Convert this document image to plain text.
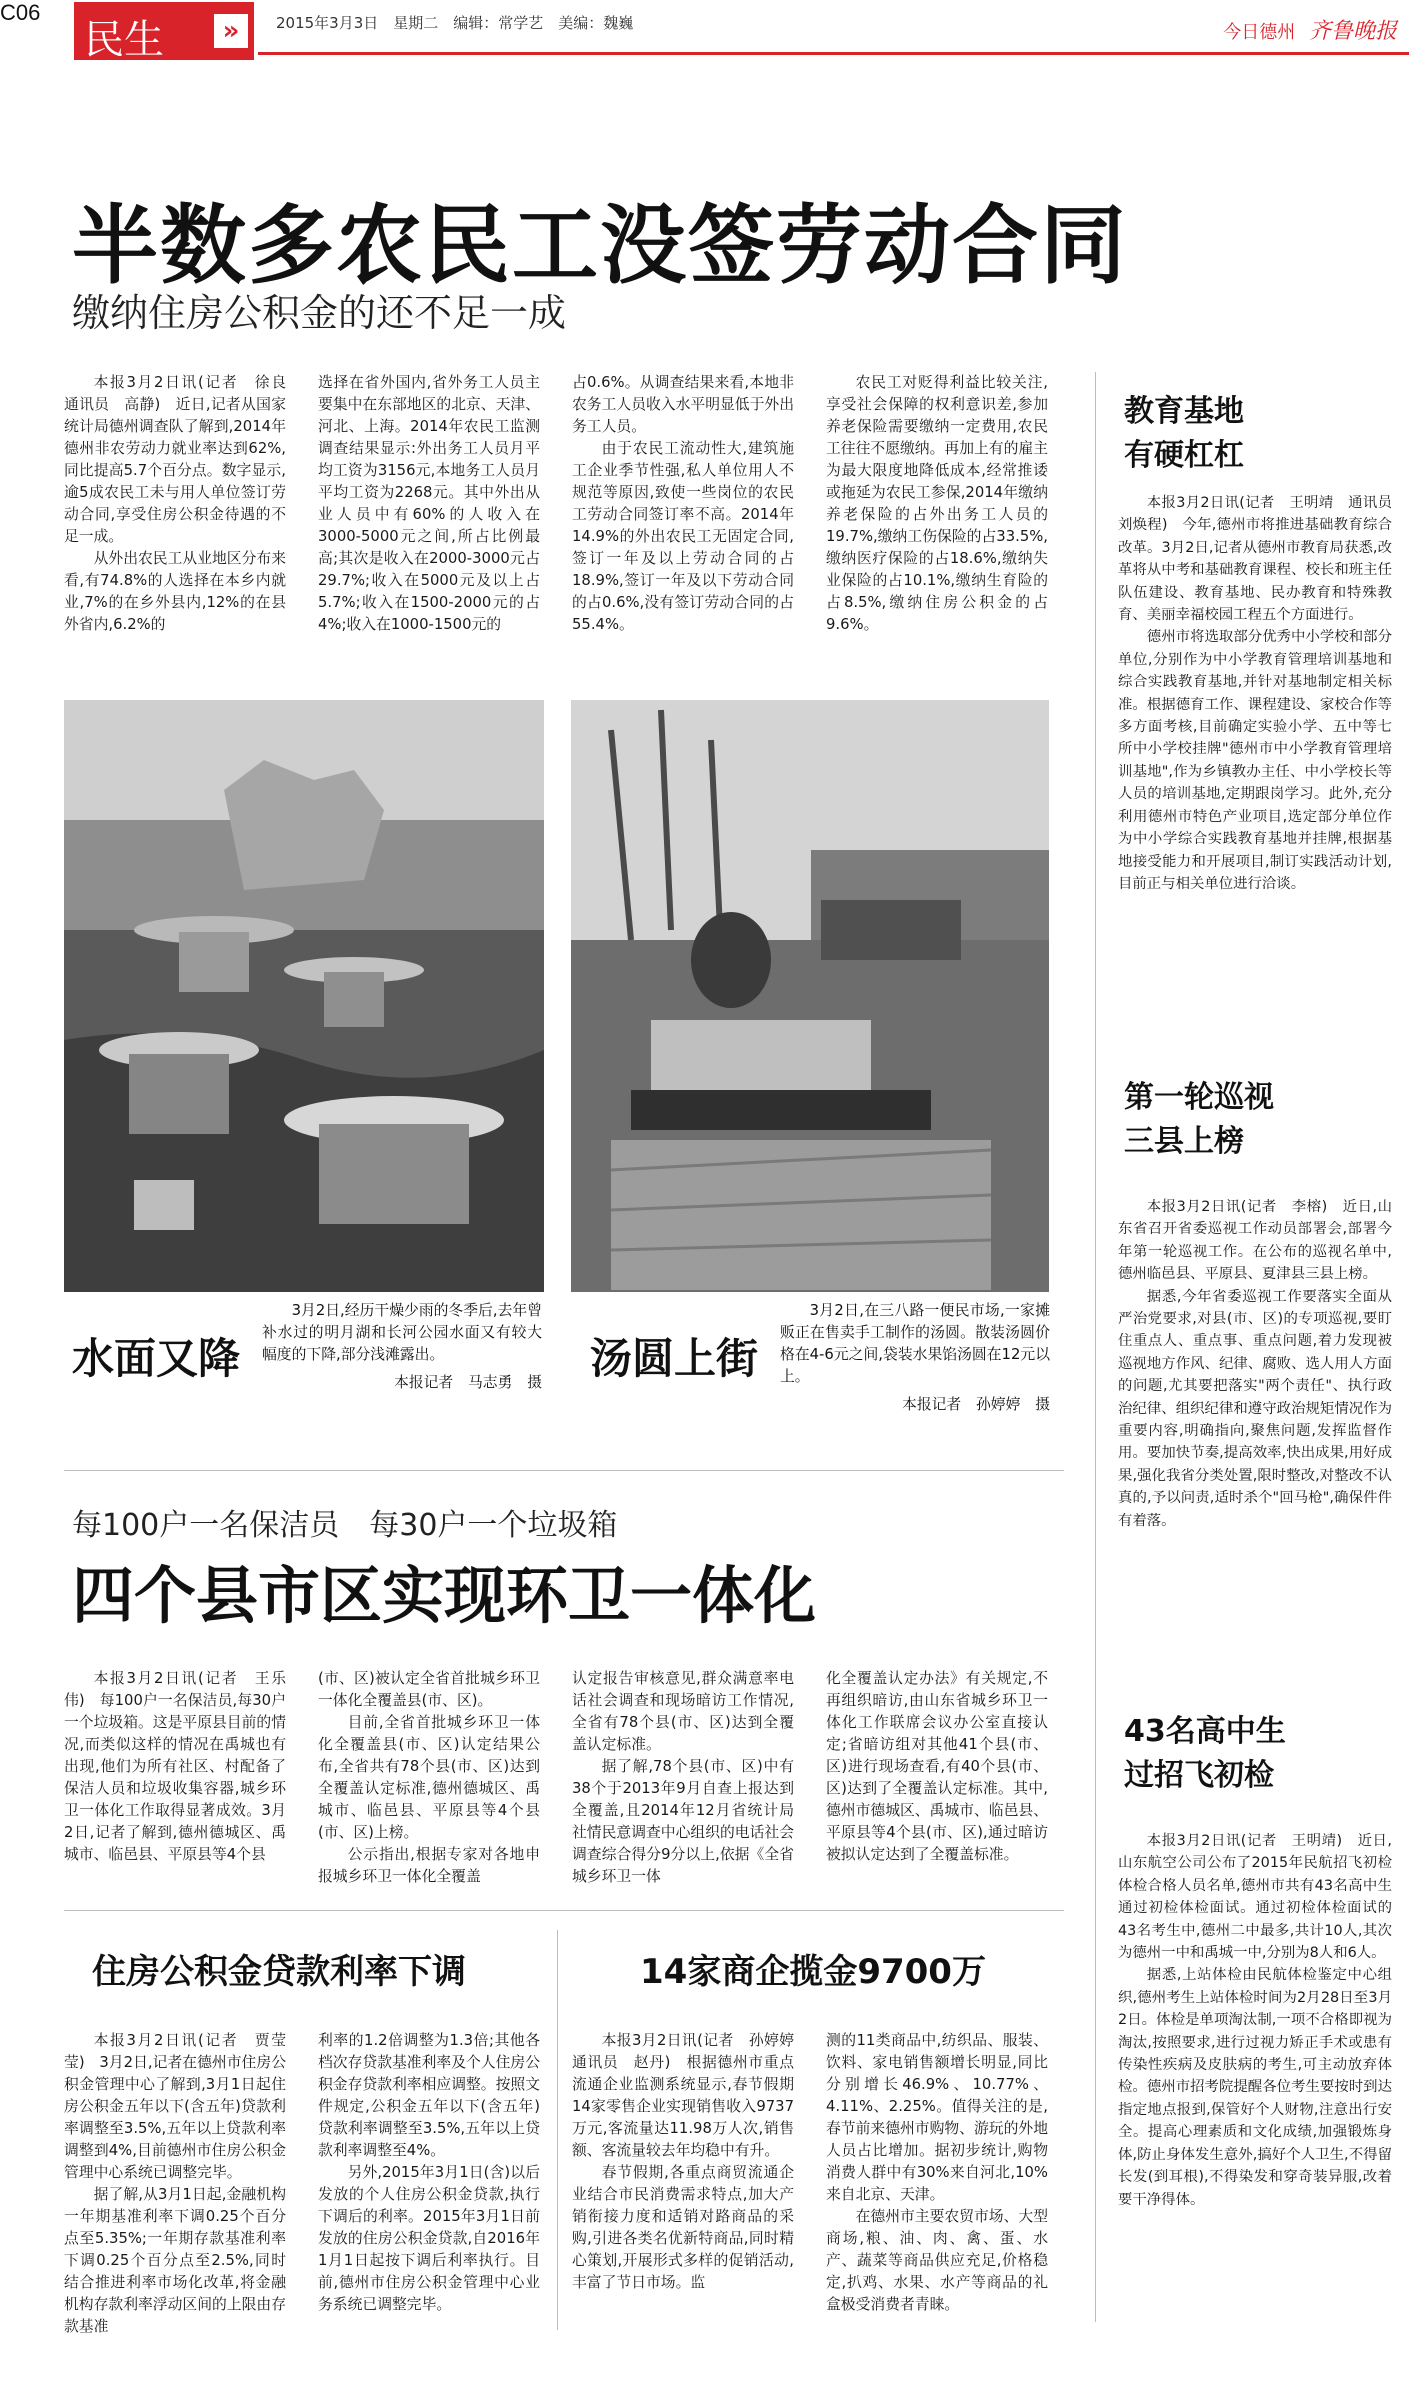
C06
民生	»	2015年3月3日　星期二　编辑：常学艺　美编：魏巍	今日德州 齐鲁晚报
半数多农民工没签劳动合同
缴纳住房公积金的还不足一成

本报3月2日讯(记者　徐良　通讯员　高静)　近日,记者从国家统计局德州调查队了解到,2014年德州非农劳动力就业率达到62%,同比提高5.7个百分点。数字显示,逾5成农民工未与用人单位签订劳动合同,享受住房公积金待遇的不足一成。

从外出农民工从业地区分布来看,有74.8%的人选择在本乡内就业,7%的在乡外县内,12%的在县外省内,6.2%的

选择在省外国内,省外务工人员主要集中在东部地区的北京、天津、河北、上海。2014年农民工监测调查结果显示:外出务工人员月平均工资为3156元,本地务工人员月平均工资为2268元。其中外出从业人员中有60%的人收入在3000-5000元之间,所占比例最高;其次是收入在2000-3000元占29.7%;收入在5000元及以上占5.7%;收入在1500-2000元的占4%;收入在1000-1500元的

占0.6%。从调查结果来看,本地非农务工人员收入水平明显低于外出务工人员。

由于农民工流动性大,建筑施工企业季节性强,私人单位用人不规范等原因,致使一些岗位的农民工劳动合同签订率不高。2014年14.9%的外出农民工无固定合同,签订一年及以上劳动合同的占18.9%,签订一年及以下劳动合同的占0.6%,没有签订劳动合同的占55.4%。

农民工对贬得利益比较关注,享受社会保障的权利意识差,参加养老保险需要缴纳一定费用,农民工往往不愿缴纳。再加上有的雇主为最大限度地降低成本,经常推诿或拖延为农民工参保,2014年缴纳养老保险的占外出务工人员的19.7%,缴纳工伤保险的占33.5%,缴纳医疗保险的占18.6%,缴纳失业保险的占10.1%,缴纳生育险的占8.5%,缴纳住房公积金的占9.6%。

水面又降

3月2日,经历干燥少雨的冬季后,去年曾补水过的明月湖和长河公园水面又有较大幅度的下降,部分浅滩露出。

本报记者　马志勇　摄 汤圆上街

3月2日,在三八路一便民市场,一家摊贩正在售卖手工制作的汤圆。散装汤圆价格在4-6元之间,袋装水果馅汤圆在12元以上。

本报记者　孙婷婷　摄

每100户一名保洁员　每30户一个垃圾箱
四个县市区实现环卫一体化

本报3月2日讯(记者　王乐伟)　每100户一名保洁员,每30户一个垃圾箱。这是平原县目前的情况,而类似这样的情况在禹城也有出现,他们为所有社区、村配备了保洁人员和垃圾收集容器,城乡环卫一体化工作取得显著成效。3月2日,记者了解到,德州德城区、禹城市、临邑县、平原县等4个县

(市、区)被认定全省首批城乡环卫一体化全覆盖县(市、区)。

目前,全省首批城乡环卫一体化全覆盖县(市、区)认定结果公布,全省共有78个县(市、区)达到全覆盖认定标准,德州德城区、禹城市、临邑县、平原县等4个县(市、区)上榜。

公示指出,根据专家对各地申报城乡环卫一体化全覆盖

认定报告审核意见,群众满意率电话社会调查和现场暗访工作情况,全省有78个县(市、区)达到全覆盖认定标准。

据了解,78个县(市、区)中有38个于2013年9月自查上报达到全覆盖,且2014年12月省统计局社情民意调查中心组织的电话社会调查综合得分9分以上,依据《全省城乡环卫一体

化全覆盖认定办法》有关规定,不再组织暗访,由山东省城乡环卫一体化工作联席会议办公室直接认定;省暗访组对其他41个县(市、区)进行现场查看,有40个县(市、区)达到了全覆盖认定标准。其中,德州市德城区、禹城市、临邑县、平原县等4个县(市、区),通过暗访被拟认定达到了全覆盖标准。

住房公积金贷款利率下调

本报3月2日讯(记者　贾莹莹)　3月2日,记者在德州市住房公积金管理中心了解到,3月1日起住房公积金五年以下(含五年)贷款利率调整至3.5%,五年以上贷款利率调整到4%,目前德州市住房公积金管理中心系统已调整完毕。

据了解,从3月1日起,金融机构一年期基准利率下调0.25个百分点至5.35%;一年期存款基准利率下调0.25个百分点至2.5%,同时结合推进利率市场化改革,将金融机构存款利率浮动区间的上限由存款基准

利率的1.2倍调整为1.3倍;其他各档次存贷款基准利率及个人住房公积金存贷款利率相应调整。按照文件规定,公积金五年以下(含五年)贷款利率调整至3.5%,五年以上贷款利率调整至4%。

另外,2015年3月1日(含)以后发放的个人住房公积金贷款,执行下调后的利率。2015年3月1日前发放的住房公积金贷款,自2016年1月1日起按下调后利率执行。目前,德州市住房公积金管理中心业务系统已调整完毕。

14家商企揽金9700万

本报3月2日讯(记者　孙婷婷　通讯员　赵丹)　根据德州市重点流通企业监测系统显示,春节假期14家零售企业实现销售收入9737万元,客流量达11.98万人次,销售额、客流量较去年均稳中有升。

春节假期,各重点商贸流通企业结合市民消费需求特点,加大产销衔接力度和适销对路商品的采购,引进各类名优新特商品,同时精心策划,开展形式多样的促销活动,丰富了节日市场。监

测的11类商品中,纺织品、服装、饮料、家电销售额增长明显,同比分别增长46.9%、10.77%、4.11%、2.25%。值得关注的是,春节前来德州市购物、游玩的外地人员占比增加。据初步统计,购物消费人群中有30%来自河北,10%来自北京、天津。

在德州市主要农贸市场、大型商场,粮、油、肉、禽、蛋、水产、蔬菜等商品供应充足,价格稳定,扒鸡、水果、水产等商品的礼盒极受消费者青睐。

教育基地
有硬杠杠

本报3月2日讯(记者　王明靖　通讯员　刘焕程)　今年,德州市将推进基础教育综合改革。3月2日,记者从德州市教育局获悉,改革将从中考和基础教育课程、校长和班主任队伍建设、教育基地、民办教育和特殊教育、美丽幸福校园工程五个方面进行。

德州市将选取部分优秀中小学校和部分单位,分别作为中小学教育管理培训基地和综合实践教育基地,并针对基地制定相关标准。根据德育工作、课程建设、家校合作等多方面考核,目前确定实验小学、五中等七所中小学校挂牌"德州市中小学教育管理培训基地",作为乡镇教办主任、中小学校长等人员的培训基地,定期跟岗学习。此外,充分利用德州市特色产业项目,选定部分单位作为中小学综合实践教育基地并挂牌,根据基地接受能力和开展项目,制订实践活动计划,目前正与相关单位进行洽谈。

第一轮巡视
三县上榜

本报3月2日讯(记者　李榕)　近日,山东省召开省委巡视工作动员部署会,部署今年第一轮巡视工作。在公布的巡视名单中,德州临邑县、平原县、夏津县三县上榜。

据悉,今年省委巡视工作要落实全面从严治党要求,对县(市、区)的专项巡视,要盯住重点人、重点事、重点问题,着力发现被巡视地方作风、纪律、腐败、选人用人方面的问题,尤其要把落实"两个责任"、执行政治纪律、组织纪律和遵守政治规矩情况作为重要内容,明确指向,聚焦问题,发挥监督作用。要加快节奏,提高效率,快出成果,用好成果,强化我省分类处置,限时整改,对整改不认真的,予以问责,适时杀个"回马枪",确保件件有着落。

43名高中生
过招飞初检

本报3月2日讯(记者　王明靖)　近日,山东航空公司公布了2015年民航招飞初检体检合格人员名单,德州市共有43名高中生通过初检体检面试。通过初检体检面试的43名考生中,德州二中最多,共计10人,其次为德州一中和禹城一中,分别为8人和6人。

据悉,上站体检由民航体检鉴定中心组织,德州考生上站体检时间为2月28日至3月2日。体检是单项淘汰制,一项不合格即视为淘汰,按照要求,进行过视力矫正手术或患有传染性疾病及皮肤病的考生,可主动放弃体检。德州市招考院提醒各位考生要按时到达指定地点报到,保管好个人财物,注意出行安全。提高心理素质和文化成绩,加强锻炼身体,防止身体发生意外,搞好个人卫生,不得留长发(到耳根),不得染发和穿奇装异服,改着要干净得体。
